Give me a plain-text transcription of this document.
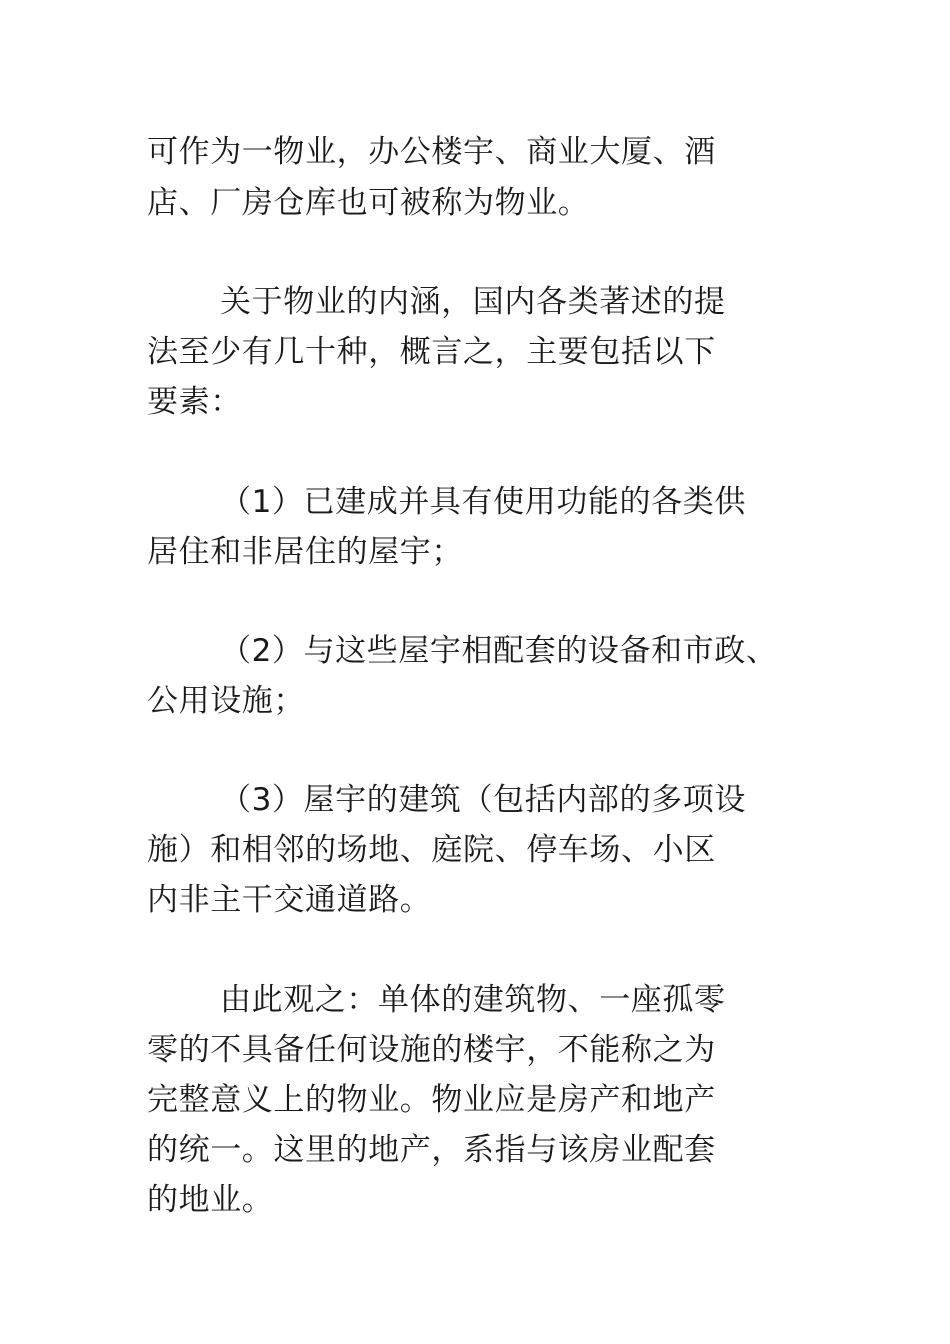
可作为一物业，办公楼宇、商业大厦、酒
店、厂房仓库也可被称为物业。
关于物业的内涵，国内各类著述的提
法至少有几十种，概言之，主要包括以下
要素：
（1）已建成并具有使用功能的各类供
居住和非居住的屋宇；
（2）与这些屋宇相配套的设备和市政、
公用设施；
（3）屋宇的建筑（包括内部的多项设
施）和相邻的场地、庭院、停车场、小区
内非主干交通道路。
由此观之：单体的建筑物、一座孤零
零的不具备任何设施的楼宇，不能称之为
完整意义上的物业。物业应是房产和地产
的统一。这里的地产，系指与该房业配套
的地业。
